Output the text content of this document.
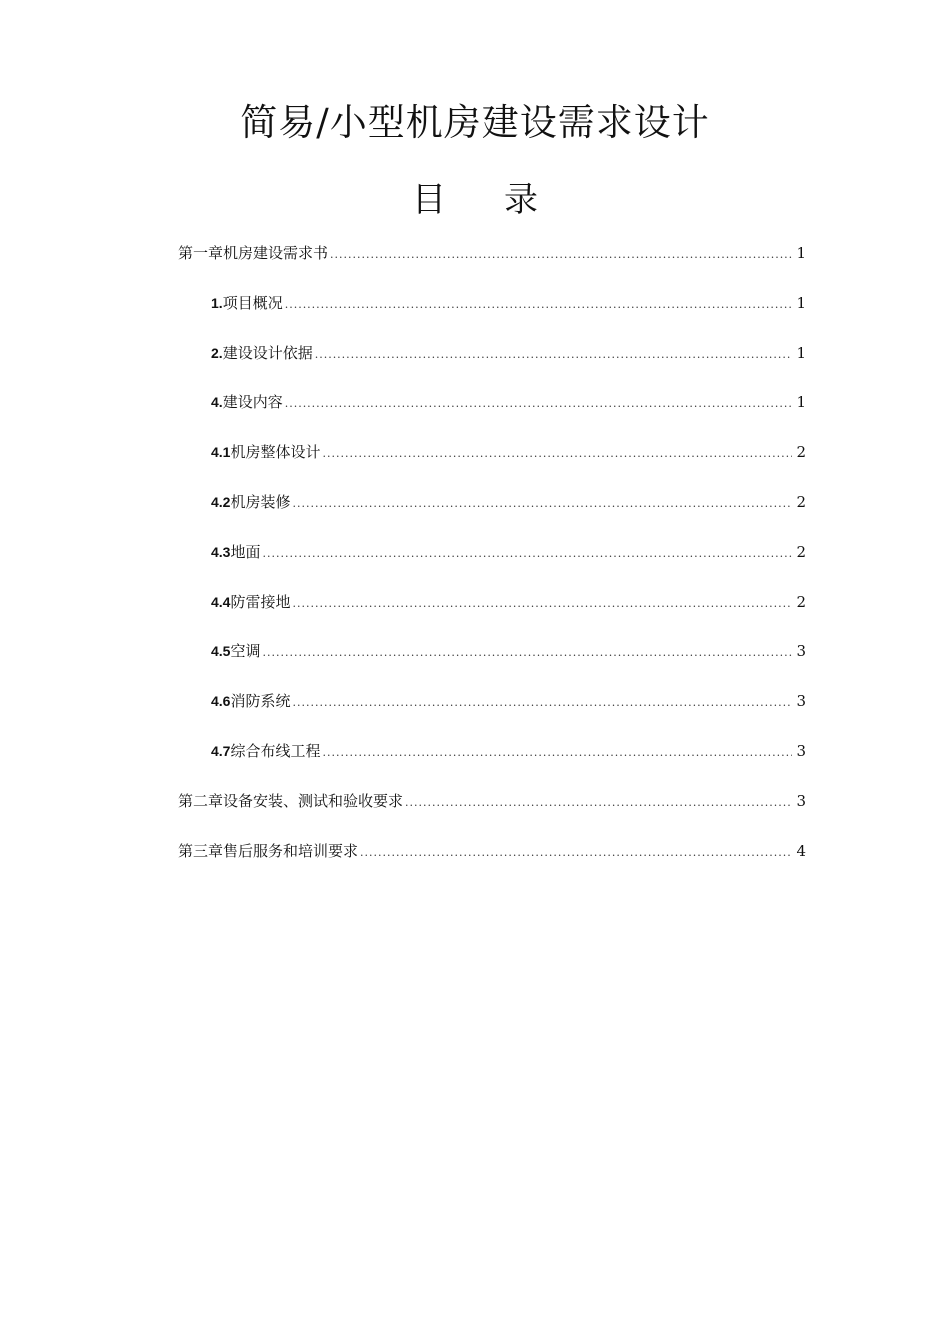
简易/小型机房建设需求设计
目 录
第一章 机房建设需求书 .....	1
1. 项目概况 .....	1
2. 建设设计依据 .....	1
4. 建设内容 .....	1
4.1 机房整体设计 .....	2
4.2 机房装修 .....	2
4.3 地面 .....	2
4.4 防雷接地 .....	2
4.5 空调 .....	3
4.6 消防系统 .....	3
4.7 综合布线工程 .....	3
第二章 设备安装、测试和验收要求 .....	3
第三章 售后服务和培训要求 .....	4
